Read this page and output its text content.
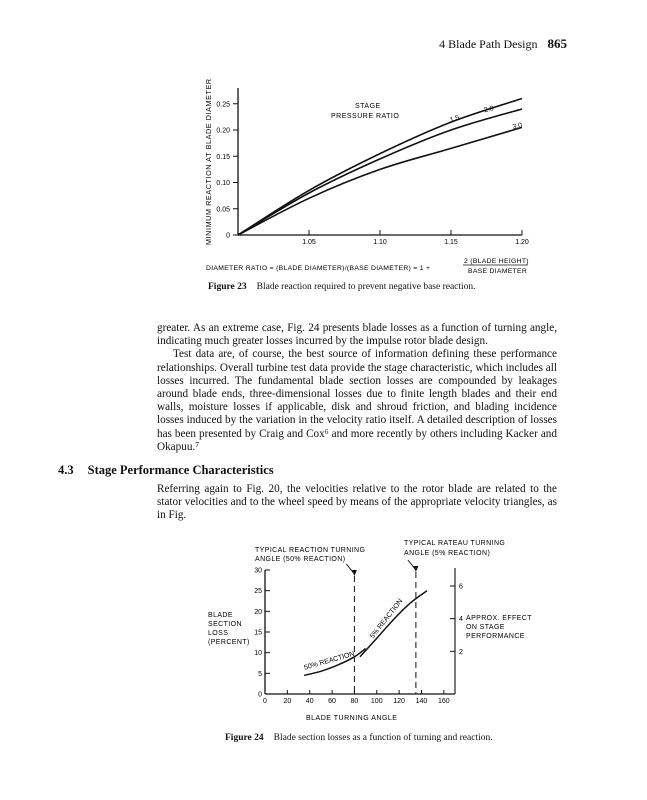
4 Blade Path Design 865
0
0.05
0.10
0.15
0.20
0.25
1.05	1.10	1.15	1.20
1.5
2.0
3.0
MINIMUM REACTION AT BLADE DIAMETER	STAGE
PRESSURE RATIO
DIAMETER RATIO = (BLADE DIAMETER)/(BASE DIAMETER) = 1 +
2 (BLADE HEIGHT)
BASE DIAMETER
Figure 23 Blade reaction required to prevent negative base reaction.

greater. As an extreme case, Fig. 24 presents blade losses as a function of turning angle, indicating much greater losses incurred by the impulse rotor blade design.

Test data are, of course, the best source of information defining these performance relationships. Overall turbine test data provide the stage characteristic, which includes all losses incurred. The fundamental blade section losses are compounded by leakages around blade ends, three-dimensional losses due to finite length blades and their end walls, moisture losses if applicable, disk and shroud friction, and blading incidence losses induced by the variation in the velocity ratio itself. A detailed description of losses has been presented by Craig and Cox⁶ and more recently by others including Kacker and Okapuu.⁷

4.3 Stage Performance Characteristics

Referring again to Fig. 20, the velocities relative to the rotor blade are related to the stator velocities and to the wheel speed by means of the appropriate velocity triangles, as in Fig.

0
5
10
15
20
25
30
0 20 40 60 80 100 120 140 160
2
4
6
50% REACTION
5% REACTION
TYPICAL REACTION TURNING
ANGLE (50% REACTION)
TYPICAL RATEAU TURNING
ANGLE (5% REACTION)
BLADE
SECTION
LOSS
(PERCENT)
APPROX. EFFECT
ON STAGE
PERFORMANCE
BLADE TURNING ANGLE
Figure 24 Blade section losses as a function of turning and reaction.
